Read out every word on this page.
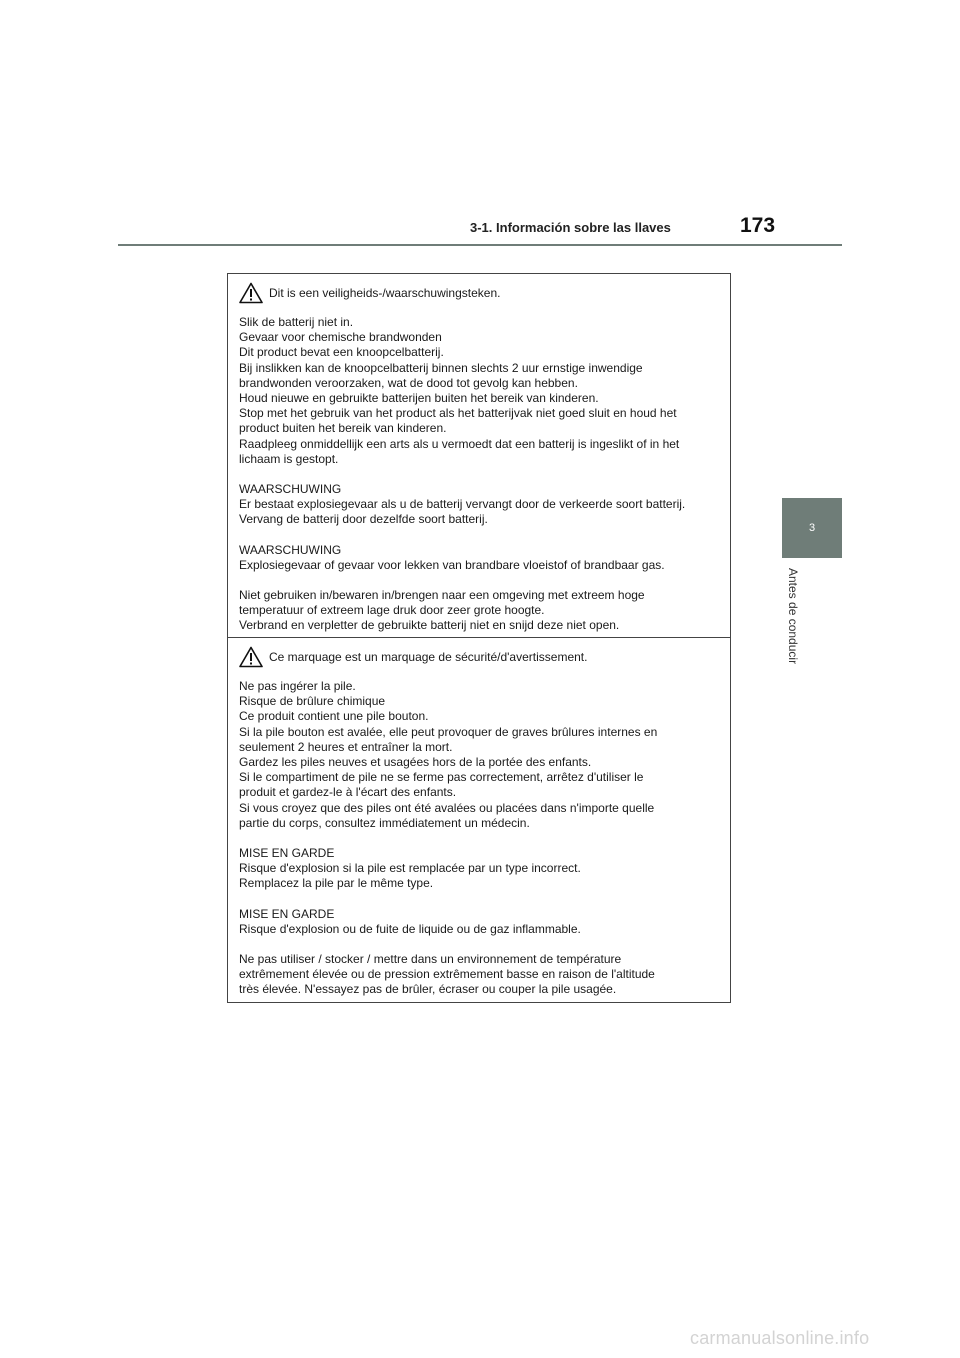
3-1. Información sobre las llaves	173
3
Antes de conducir
Dit is een veiligheids-/waarschuwingsteken.
Slik de batterij niet in.
Gevaar voor chemische brandwonden
Dit product bevat een knoopcelbatterij.
Bij inslikken kan de knoopcelbatterij binnen slechts 2 uur ernstige inwendige
brandwonden veroorzaken, wat de dood tot gevolg kan hebben.
Houd nieuwe en gebruikte batterijen buiten het bereik van kinderen.
Stop met het gebruik van het product als het batterijvak niet goed sluit en houd het
product buiten het bereik van kinderen.
Raadpleeg onmiddellijk een arts als u vermoedt dat een batterij is ingeslikt of in het
lichaam is gestopt.
WAARSCHUWING
Er bestaat explosiegevaar als u de batterij vervangt door de verkeerde soort batterij.
Vervang de batterij door dezelfde soort batterij.
WAARSCHUWING
Explosiegevaar of gevaar voor lekken van brandbare vloeistof of brandbaar gas.
Niet gebruiken in/bewaren in/brengen naar een omgeving met extreem hoge
temperatuur of extreem lage druk door zeer grote hoogte.
Verbrand en verpletter de gebruikte batterij niet en snijd deze niet open.
Ce marquage est un marquage de sécurité/d'avertissement.
Ne pas ingérer la pile.
Risque de brûlure chimique
Ce produit contient une pile bouton.
Si la pile bouton est avalée, elle peut provoquer de graves brûlures internes en
seulement 2 heures et entraîner la mort.
Gardez les piles neuves et usagées hors de la portée des enfants.
Si le compartiment de pile ne se ferme pas correctement, arrêtez d'utiliser le
produit et gardez-le à l'écart des enfants.
Si vous croyez que des piles ont été avalées ou placées dans n'importe quelle
partie du corps, consultez immédiatement un médecin.
MISE EN GARDE
Risque d'explosion si la pile est remplacée par un type incorrect.
Remplacez la pile par le même type.
MISE EN GARDE
Risque d'explosion ou de fuite de liquide ou de gaz inflammable.
Ne pas utiliser / stocker / mettre dans un environnement de température
extrêmement élevée ou de pression extrêmement basse en raison de l'altitude
très élevée. N'essayez pas de brûler, écraser ou couper la pile usagée.
carmanualsonline.info
